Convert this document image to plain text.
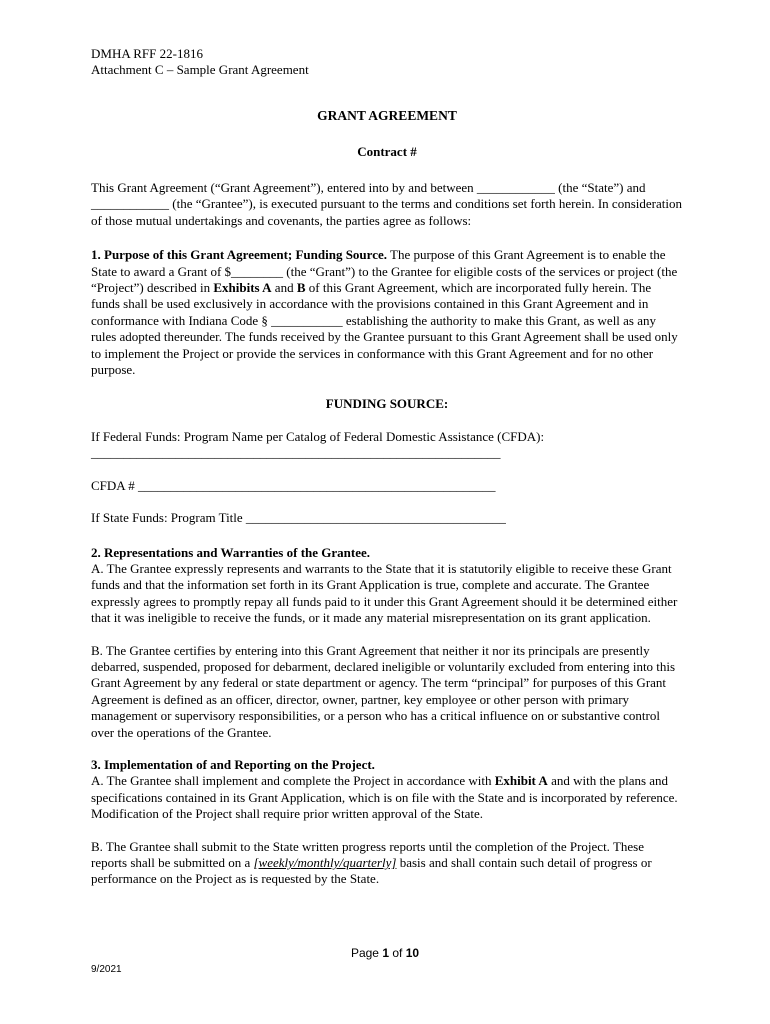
DMHA RFF 22-1816
Attachment C – Sample Grant Agreement
GRANT AGREEMENT
Contract #

This Grant Agreement (“Grant Agreement”), entered into by and between ____________ (the “State”) and ____________ (the “Grantee”), is executed pursuant to the terms and conditions set forth herein. In consideration of those mutual undertakings and covenants, the parties agree as follows:

1. Purpose of this Grant Agreement; Funding Source. The purpose of this Grant Agreement is to enable the State to award a Grant of $________ (the “Grant”) to the Grantee for eligible costs of the services or project (the “Project”) described in Exhibits A and B of this Grant Agreement, which are incorporated fully herein. The funds shall be used exclusively in accordance with the provisions contained in this Grant Agreement and in conformance with Indiana Code § ___________ establishing the authority to make this Grant, as well as any rules adopted thereunder. The funds received by the Grantee pursuant to this Grant Agreement shall be used only to implement the Project or provide the services in conformance with this Grant Agreement and for no other purpose.

FUNDING SOURCE:

If Federal Funds: Program Name per Catalog of Federal Domestic Assistance (CFDA):

_______________________________________________________________

CFDA # _______________________________________________________

If State Funds: Program Title ________________________________________

2. Representations and Warranties of the Grantee.

A. The Grantee expressly represents and warrants to the State that it is statutorily eligible to receive these Grant funds and that the information set forth in its Grant Application is true, complete and accurate. The Grantee expressly agrees to promptly repay all funds paid to it under this Grant Agreement should it be determined either that it was ineligible to receive the funds, or it made any material misrepresentation on its grant application.

B. The Grantee certifies by entering into this Grant Agreement that neither it nor its principals are presently debarred, suspended, proposed for debarment, declared ineligible or voluntarily excluded from entering into this Grant Agreement by any federal or state department or agency. The term “principal” for purposes of this Grant Agreement is defined as an officer, director, owner, partner, key employee or other person with primary management or supervisory responsibilities, or a person who has a critical influence on or substantive control over the operations of the Grantee.

3. Implementation of and Reporting on the Project.

A. The Grantee shall implement and complete the Project in accordance with Exhibit A and with the plans and specifications contained in its Grant Application, which is on file with the State and is incorporated by reference. Modification of the Project shall require prior written approval of the State.

B. The Grantee shall submit to the State written progress reports until the completion of the Project. These reports shall be submitted on a [weekly/monthly/quarterly] basis and shall contain such detail of progress or performance on the Project as is requested by the State.

Page 1 of 10
9/2021
